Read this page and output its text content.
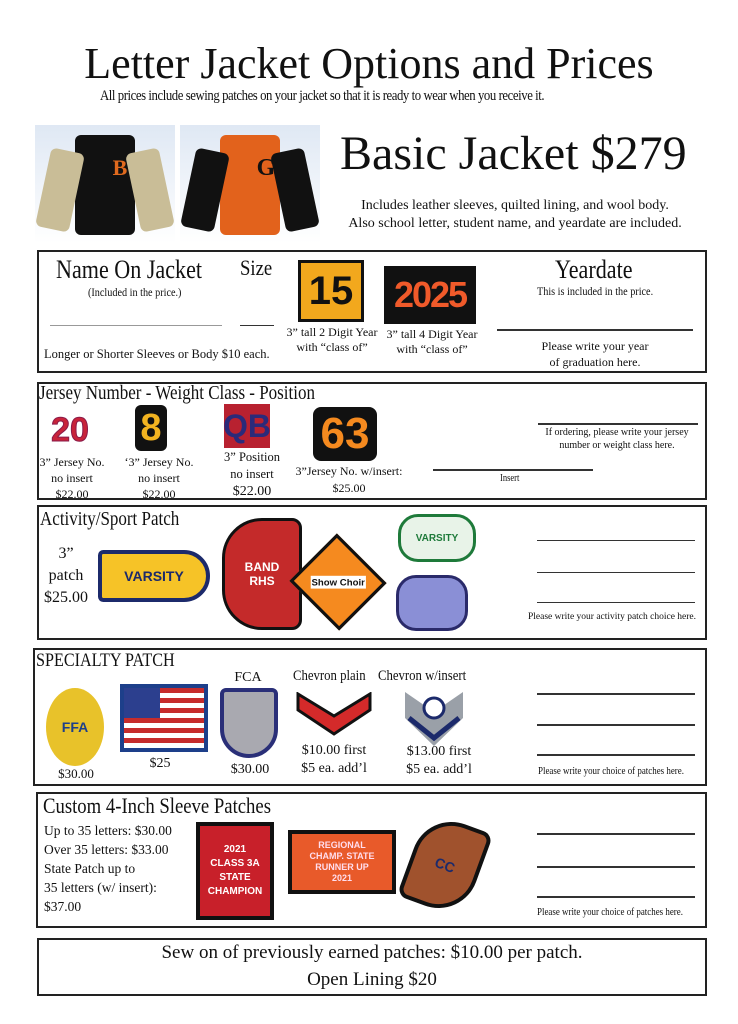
Letter Jacket Options and Prices
All prices include sewing patches on your jacket so that it is ready to wear when you receive it.
B	G Basic Jacket $279
Includes leather sleeves, quilted lining, and wool body.
Also school letter, student name, and yeardate are included.
Name On Jacket
(Included in the price.)
Size
Longer or Shorter Sleeves or Body $10 each.
15
3” tall 2 Digit Year
with “class of”
2025
3” tall 4 Digit Year
with “class of”
Yeardate
This is included in the price.
Please write your year
of graduation here.
Jersey Number - Weight Class - Position
20 8 QB 63
3” Jersey No.
no insert
$22.00
‘3” Jersey No.
no insert
$22.00
3” Position
no insert
$22.00
3”Jersey No. w/insert:
$25.00
Insert
If ordering, please write your jersey
number or weight class here.
Activity/Sport Patch
3”
patch
$25.00
VARSITY
BAND
RHS	Show Choir
VARSITY
Please write your activity patch choice here.
SPECIALTY PATCH
FFA
$30.00
$25
FCA
$30.00
Chevron plain Chevron w/insert
$10.00 first
$5 ea. add’l
$13.00 first
$5 ea. add’l	Please write your choice of patches here.
Custom 4-Inch Sleeve Patches
Up to 35 letters: $30.00
Over 35 letters: $33.00
State Patch up to
35 letters (w/ insert):
$37.00
2021
CLASS 3A
STATE
CHAMPION
REGIONAL
CHAMP. STATE
RUNNER UP
2021
CC
Please write your choice of patches here.
Sew on of previously earned patches: $10.00 per patch.
Open Lining $20
